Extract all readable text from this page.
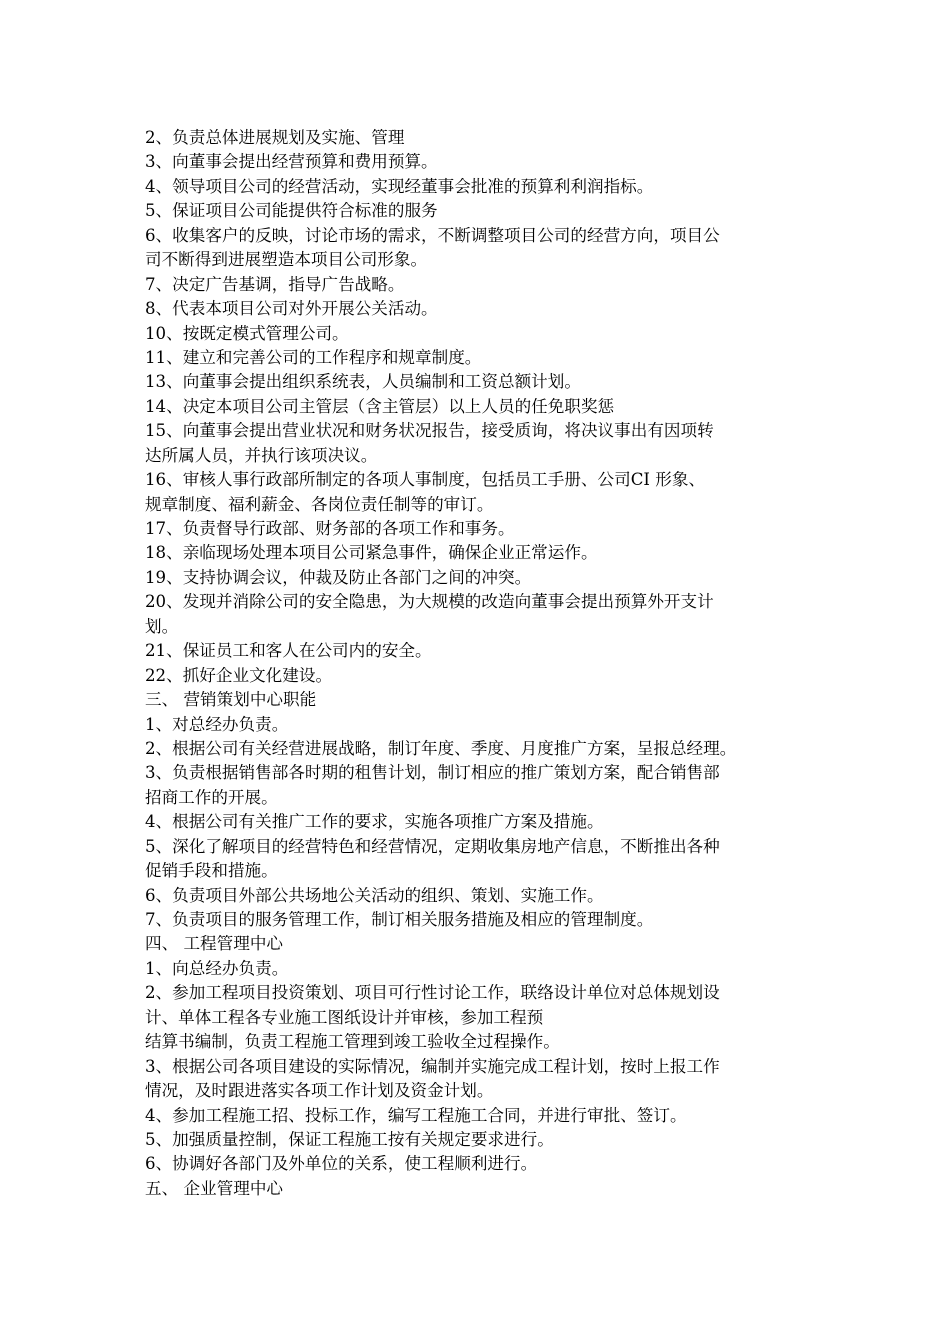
2、负责总体进展规划及实施、管理
3、向董事会提出经营预算和费用预算。
4、领导项目公司的经营活动，实现经董事会批准的预算利利润指标。
5、保证项目公司能提供符合标准的服务
6、收集客户的反映，讨论市场的需求，不断调整项目公司的经营方向，项目公
司不断得到进展塑造本项目公司形象。
7、决定广告基调，指导广告战略。
8、代表本项目公司对外开展公关活动。
10、按既定模式管理公司。
11、建立和完善公司的工作程序和规章制度。
13、向董事会提出组织系统表，人员编制和工资总额计划。
14、决定本项目公司主管层（含主管层）以上人员的任免职奖惩
15、向董事会提出营业状况和财务状况报告，接受质询，将决议事出有因项转
达所属人员，并执行该项决议。
16、审核人事行政部所制定的各项人事制度，包括员工手册、公司CI 形象、
规章制度、福利薪金、各岗位责任制等的审订。
17、负责督导行政部、财务部的各项工作和事务。
18、亲临现场处理本项目公司紧急事件，确保企业正常运作。
19、支持协调会议，仲裁及防止各部门之间的冲突。
20、发现并消除公司的安全隐患，为大规模的改造向董事会提出预算外开支计
划。
21、保证员工和客人在公司内的安全。
22、抓好企业文化建设。
三、 营销策划中心职能
1、对总经办负责。
2、根据公司有关经营进展战略，制订年度、季度、月度推广方案，呈报总经理。
3、负责根据销售部各时期的租售计划，制订相应的推广策划方案，配合销售部
招商工作的开展。
4、根据公司有关推广工作的要求，实施各项推广方案及措施。
5、深化了解项目的经营特色和经营情况，定期收集房地产信息，不断推出各种
促销手段和措施。
6、负责项目外部公共场地公关活动的组织、策划、实施工作。
7、负责项目的服务管理工作，制订相关服务措施及相应的管理制度。
四、 工程管理中心
1、向总经办负责。
2、参加工程项目投资策划、项目可行性讨论工作，联络设计单位对总体规划设
计、单体工程各专业施工图纸设计并审核，参加工程预
结算书编制，负责工程施工管理到竣工验收全过程操作。
3、根据公司各项目建设的实际情况，编制并实施完成工程计划，按时上报工作
情况，及时跟进落实各项工作计划及资金计划。
4、参加工程施工招、投标工作，编写工程施工合同，并进行审批、签订。
5、加强质量控制，保证工程施工按有关规定要求进行。
6、协调好各部门及外单位的关系，使工程顺利进行。
五、 企业管理中心
